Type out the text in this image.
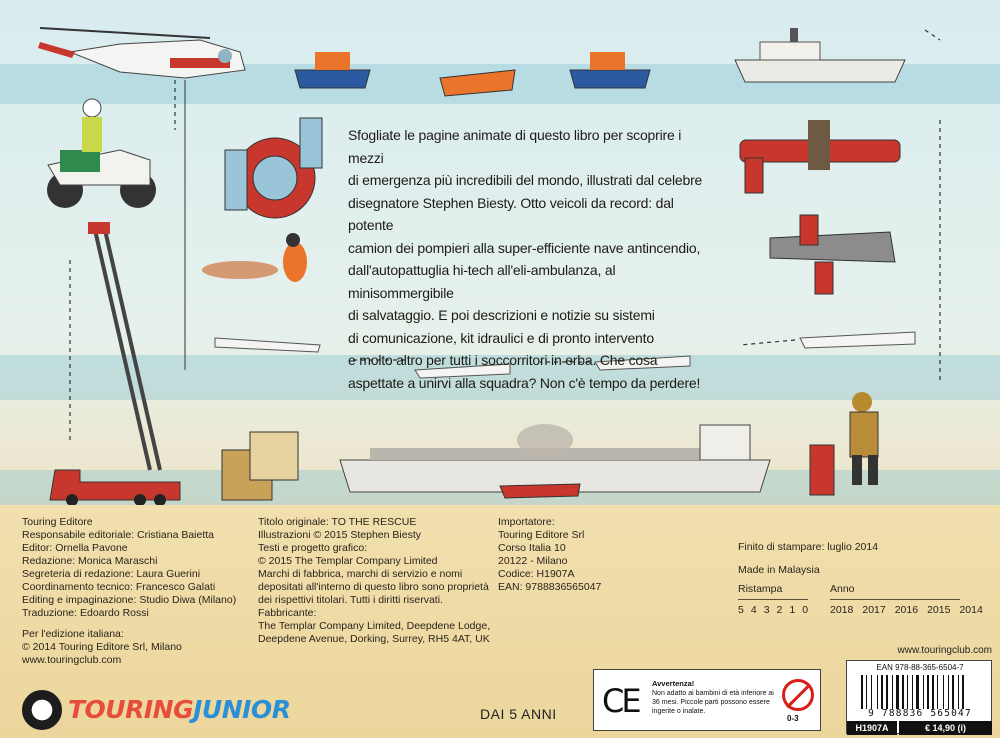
Sfogliate le pagine animate di questo libro per scoprire i mezzi
di emergenza più incredibili del mondo, illustrati dal celebre
disegnatore Stephen Biesty. Otto veicoli da record: dal potente
camion dei pompieri alla super-efficiente nave antincendio,
dall'autopattuglia hi-tech all'eli-ambulanza, al minisommergibile
di salvataggio. E poi descrizioni e notizie su sistemi
di comunicazione, kit idraulici e di pronto intervento
e molto altro per tutti i soccorritori in erba. Che cosa
aspettate a unirvi alla squadra? Non c'è tempo da perdere!
Touring Editore
Responsabile editoriale: Cristiana Baietta
Editor: Ornella Pavone
Redazione: Monica Maraschi
Segreteria di redazione: Laura Guerini
Coordinamento tecnico: Francesco Galati
Editing e impaginazione: Studio Diwa (Milano)
Traduzione: Edoardo Rossi
Per l'edizione italiana:
© 2014 Touring Editore Srl, Milano
www.touringclub.com
Titolo originale: TO THE RESCUE
Illustrazioni © 2015 Stephen Biesty
Testi e progetto grafico:
© 2015 The Templar Company Limited
Marchi di fabbrica, marchi di servizio e nomi
depositati all'interno di questo libro sono proprietà
dei rispettivi titolari. Tutti i diritti riservati.
Fabbricante:
The Templar Company Limited, Deepdene Lodge,
Deepdene Avenue, Dorking, Surrey, RH5 4AT, UK
Importatore:
Touring Editore Srl
Corso Italia 10
20122 - Milano
Codice: H1907A
EAN: 9788836565047
Finito di stampare: luglio 2014
Made in Malaysia
Ristampa	Anno
5 4 3 2 1 0 2018 2017 2016 2015 2014
TOURINGJUNIOR	DAI 5 ANNI CE Avvertenza!
Non adatto ai bambini di età inferiore ai 36 mesi. Piccole parti possono essere ingerite o inalate.
0-3
www.touringclub.com
EAN 978-88-365-6504-7
9 788836 565047
H1907A	€ 14,90 (i)
